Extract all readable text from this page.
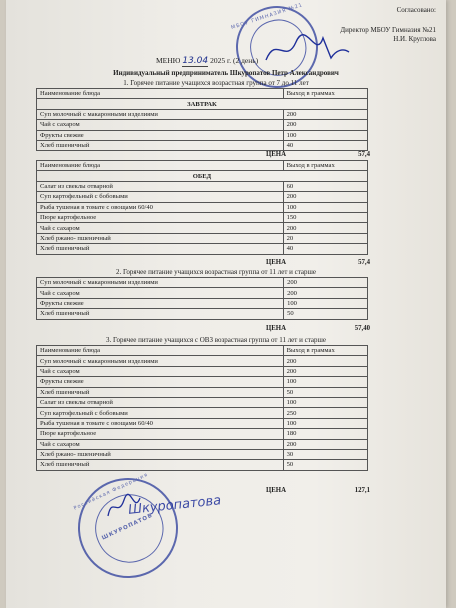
Согласовано:
Директор МБОУ Гимназия №21
Н.И. Круглова
МБОУ ГИМНАЗИЯ №21
МЕНЮ 13.04 2025 г. (2 день)
Индивидуальный предприниматель Шкуропатов Петр Александрович
1. Горячее питание учащихся возрастная группа от 7 до 11 лет
Наименование блюда	Выход в граммах
ЗАВТРАК	
Суп молочный с макаронными изделиями	200
Чай с сахаром	200
Фрукты свежие	100
Хлеб пшеничный	40
ЦЕНА	57,4
Наименование блюда	Выход в граммах
ОБЕД	
Салат из свеклы отварной	60
Суп картофельный с бобовыми	200
Рыба тушеная в томате с овощами 60/40	100
Пюре картофельное	150
Чай с сахаром	200
Хлеб ржано- пшеничный	20
Хлеб пшеничный	40
ЦЕНА	57,4
2. Горячее питание учащихся возрастная группа от 11 лет и старше
Суп молочный с макаронными изделиями	200
Чай с сахаром	200
Фрукты свежие	100
Хлеб пшеничный	50
ЦЕНА	57,40
3. Горячее питание учащихся с ОВЗ возрастная группа от 11 лет и старше
Наименование блюда	Выход в граммах
Суп молочный с макаронными изделиями	200
Чай с сахаром	200
Фрукты свежие	100
Хлеб пшеничный	50
Салат из свеклы отварной	100
Суп картофельный с бобовыми	250
Рыба тушеная в томате с овощами 60/40	100
Пюре картофельное	180
Чай с сахаром	200
Хлеб ржано- пшеничный	30
Хлеб пшеничный	50
ЦЕНА	127,1
Российская Федерация
ШКУРОПАТОВ
Шкуропатова
